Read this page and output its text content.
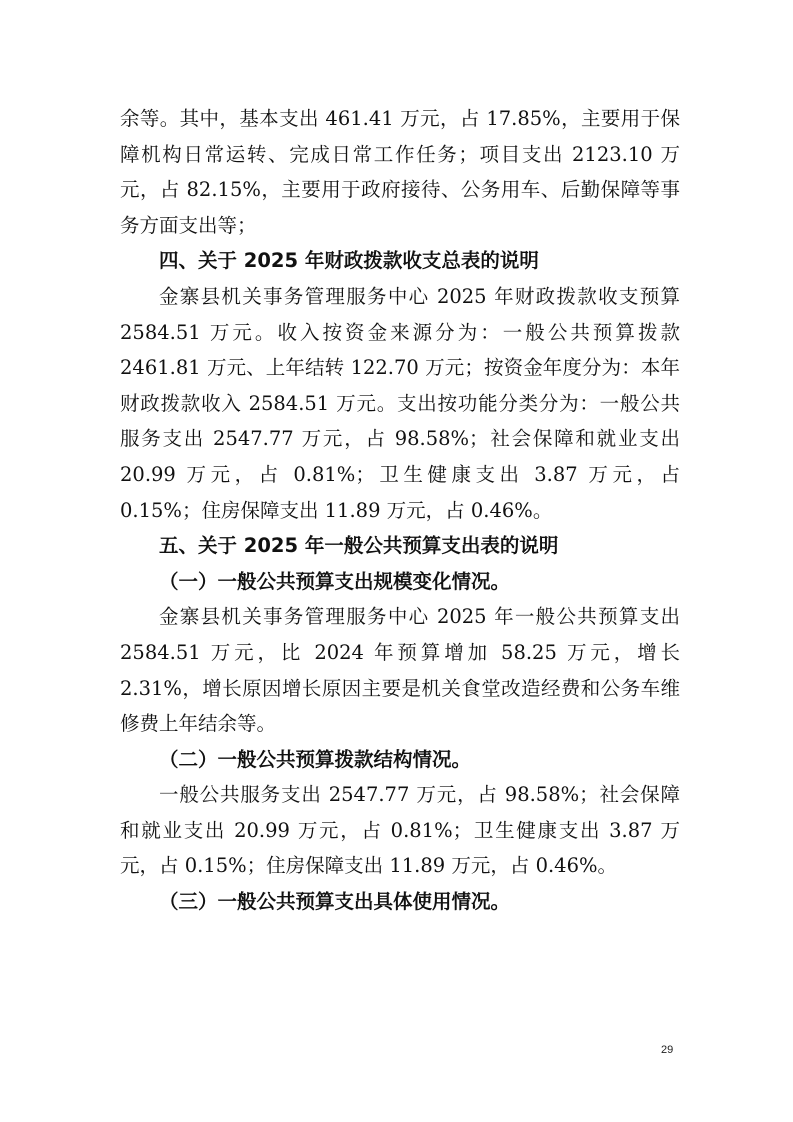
余等。其中，基本支出 461.41 万元，占 17.85%，主要用于保障机构日常运转、完成日常工作任务；项目支出 2123.10 万元，占 82.15%，主要用于政府接待、公务用车、后勤保障等事务方面支出等；

四、关于 2025 年财政拨款收支总表的说明

金寨县机关事务管理服务中心 2025 年财政拨款收支预算 2584.51 万元。收入按资金来源分为：一般公共预算拨款 2461.81 万元、上年结转 122.70 万元；按资金年度分为：本年财政拨款收入 2584.51 万元。支出按功能分类分为：一般公共服务支出 2547.77 万元，占 98.58%；社会保障和就业支出 20.99 万元，占 0.81%；卫生健康支出 3.87 万元，占 0.15%；住房保障支出 11.89 万元，占 0.46%。

五、关于 2025 年一般公共预算支出表的说明

（一）一般公共预算支出规模变化情况。

金寨县机关事务管理服务中心 2025 年一般公共预算支出 2584.51 万元，比 2024 年预算增加 58.25 万元，增长 2.31%，增长原因增长原因主要是机关食堂改造经费和公务车维修费上年结余等。

（二）一般公共预算拨款结构情况。

一般公共服务支出 2547.77 万元，占 98.58%；社会保障和就业支出 20.99 万元，占 0.81%；卫生健康支出 3.87 万元，占 0.15%；住房保障支出 11.89 万元，占 0.46%。

（三）一般公共预算支出具体使用情况。

29
